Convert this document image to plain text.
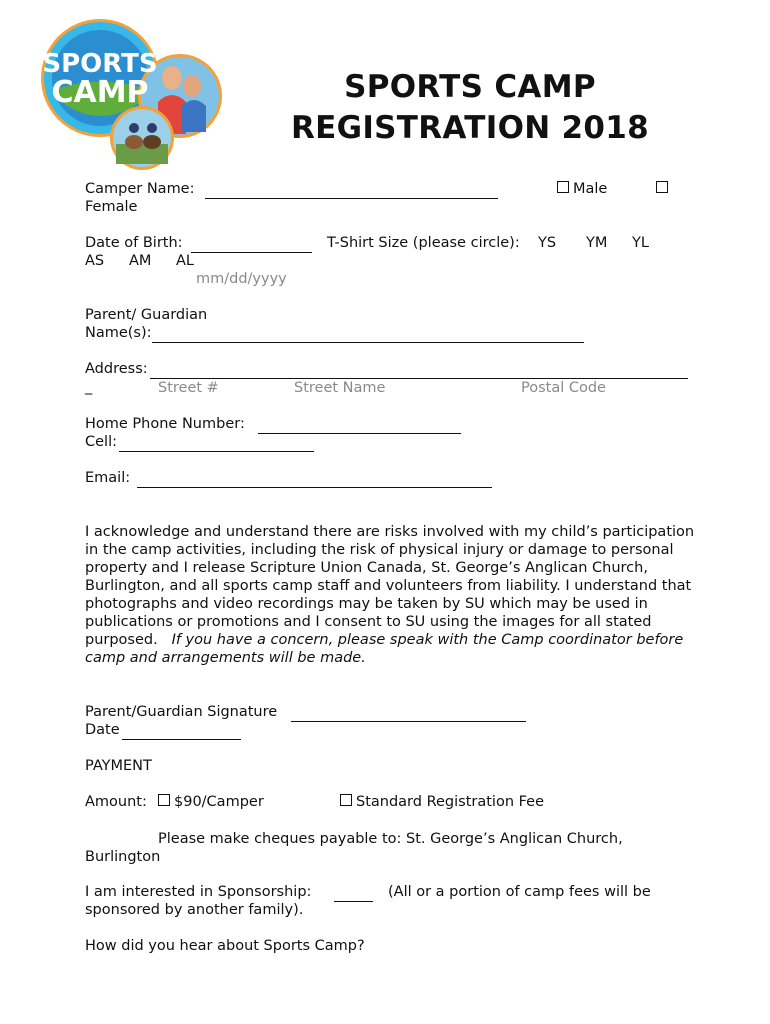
SPORTS
CAMP	SPORTS CAMP
REGISTRATION 2018
Camper Name:	Male
Female
Date of Birth:	T-Shirt Size (please circle): YS YM YL
AS AM AL
mm/dd/yyyy
Parent/ Guardian
Name(s):
Address:
_	Street #	Street Name	Postal Code
Home Phone Number:
Cell:
Email:
I acknowledge and understand there are risks involved with my child’s participation in the camp activities, including the risk of physical injury or damage to personal property and I release Scripture Union Canada, St. George’s Anglican Church, Burlington, and all sports camp staff and volunteers from liability. I understand that photographs and video recordings may be taken by SU which may be used in publications or promotions and I consent to SU using the images for all stated purposed. If you have a concern, please speak with the Camp coordinator before camp and arrangements will be made.
Parent/Guardian Signature
Date
PAYMENT
Amount:	$90/Camper	Standard Registration Fee
Please make cheques payable to: St. George’s Anglican Church,
Burlington
I am interested in Sponsorship:	(All or a portion of camp fees will be
sponsored by another family).
How did you hear about Sports Camp?
